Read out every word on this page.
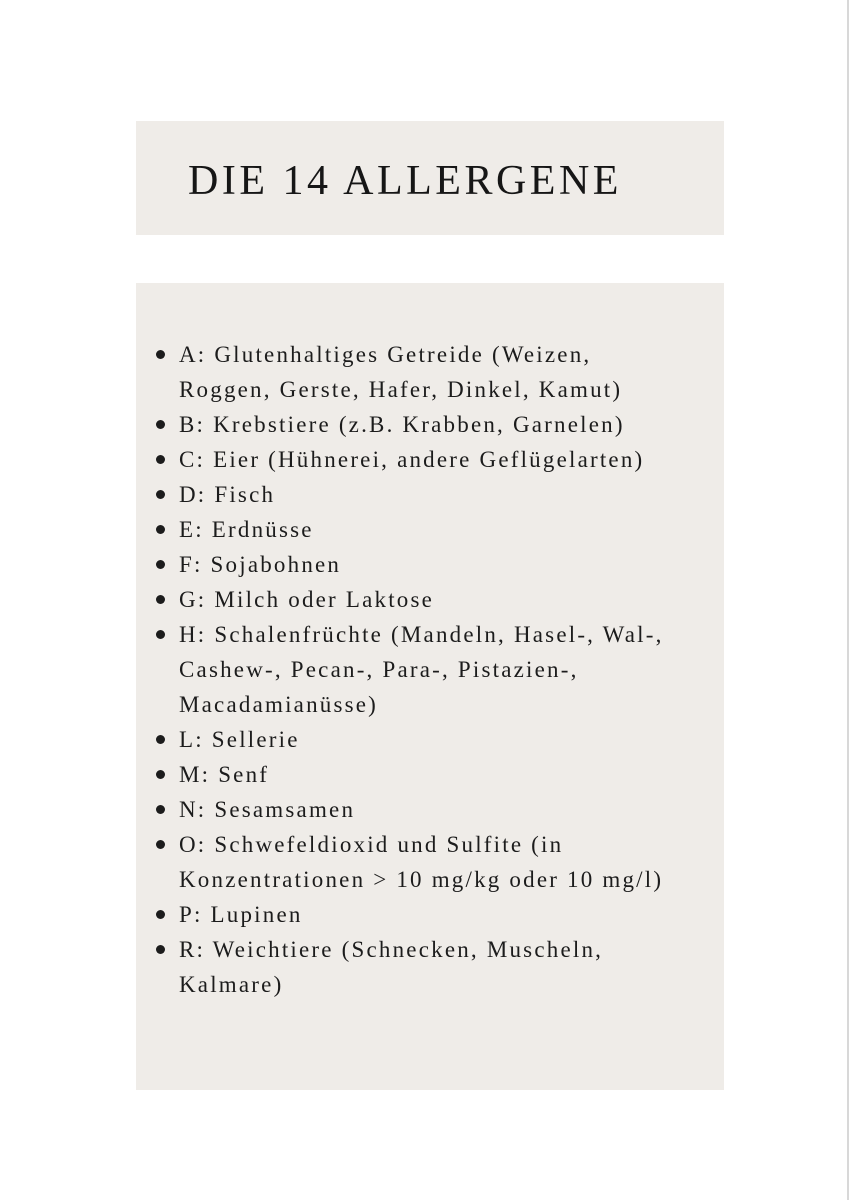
DIE 14 ALLERGENE
A: Glutenhaltiges Getreide (Weizen,
Roggen, Gerste, Hafer, Dinkel, Kamut)
B: Krebstiere (z.B. Krabben, Garnelen)
C: Eier (Hühnerei, andere Geflügelarten)
D: Fisch
E: Erdnüsse
F: Sojabohnen
G: Milch oder Laktose
H: Schalenfrüchte (Mandeln, Hasel-, Wal-,
Cashew-, Pecan-, Para-, Pistazien-,
Macadamianüsse)
L: Sellerie
M: Senf
N: Sesamsamen
O: Schwefeldioxid und Sulfite (in
Konzentrationen > 10 mg/kg oder 10 mg/l)
P: Lupinen
R: Weichtiere (Schnecken, Muscheln,
Kalmare)
